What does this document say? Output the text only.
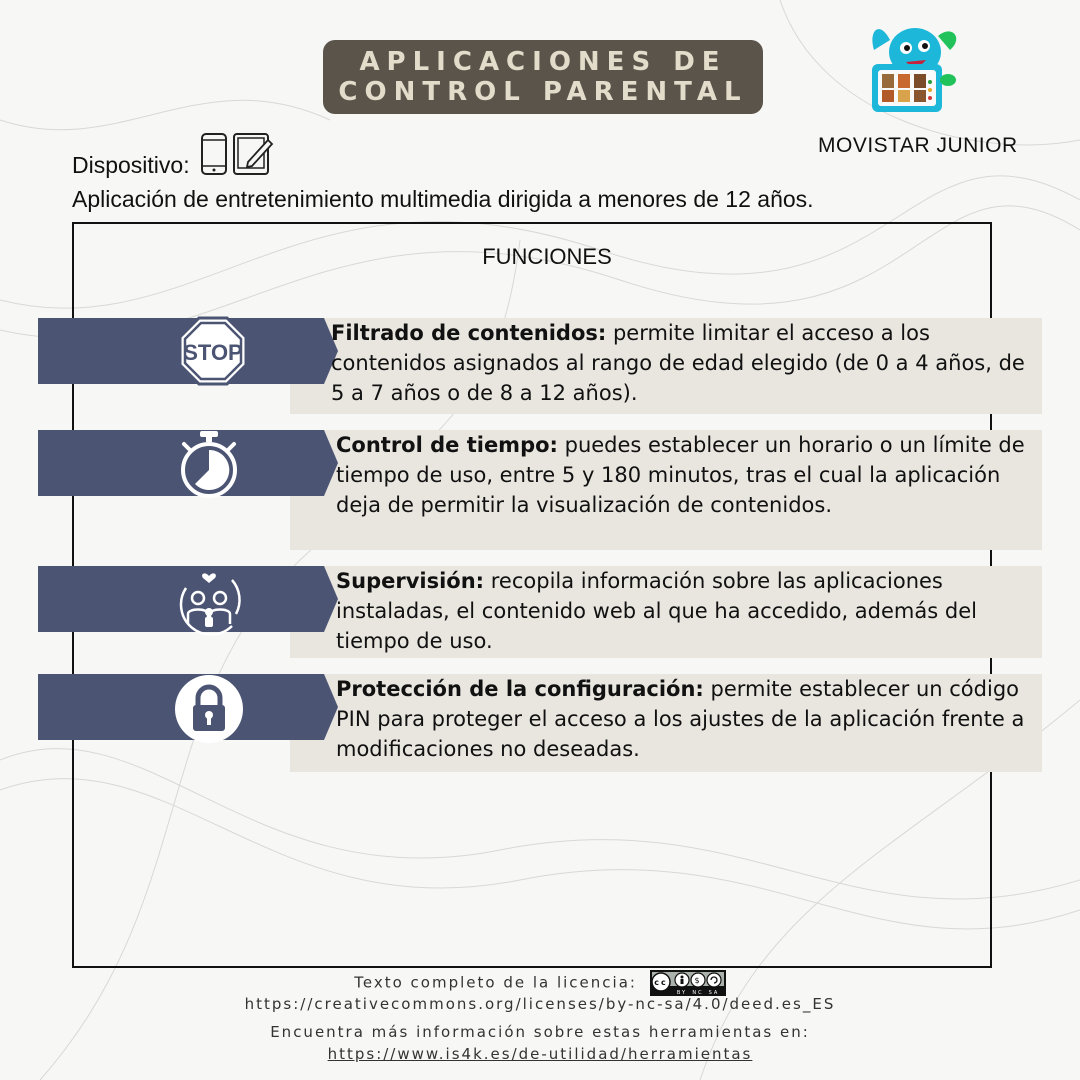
APLICACIONES DE
CONTROL PARENTAL
MOVISTAR JUNIOR
Dispositivo:
Aplicación de entretenimiento multimedia dirigida a menores de 12 años.
FUNCIONES
STOP
Filtrado de contenidos: permite limitar el acceso a los contenidos asignados al rango de edad elegido (de 0 a 4 años, de 5 a 7 años o de 8 a 12 años).
Control de tiempo: puedes establecer un horario o un límite de tiempo de uso, entre 5 y 180 minutos, tras el cual la aplicación deja de permitir la visualización de contenidos.
Supervisión: recopila información sobre las aplicaciones instaladas, el contenido web al que ha accedido, además del tiempo de uso.
Protección de la configuración: permite establecer un código PIN para proteger el acceso a los ajustes de la aplicación frente a modificaciones no deseadas.
Texto completo de la licencia: cc	$
BY NC SA
https://creativecommons.org/licenses/by-nc-sa/4.0/deed.es_ES
Encuentra más información sobre estas herramientas en:
https://www.is4k.es/de-utilidad/herramientas
